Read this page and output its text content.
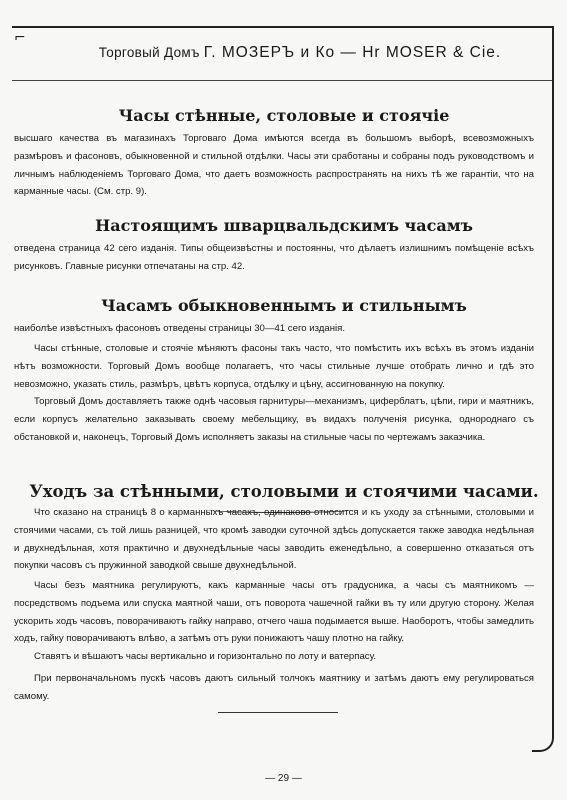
⌐
Торговый Домъ Г. МОЗЕРЪ и Ко — Нr MOSER & Cie.
Часы стѣнные, столовые и стоячіе

высшаго качества въ магазинахъ Торговаго Дома имѣются всегда въ большомъ выборѣ, всевозможныхъ размѣровъ и фасоновъ, обыкновенной и стильной отдѣлки. Часы эти сработаны и собраны подъ руководствомъ и личнымъ наблюденіемъ Торговаго Дома, что даетъ возможность распространять на нихъ тѣ же гарантіи, что на карманные часы. (См. стр. 9).

Настоящимъ шварцвальдскимъ часамъ

отведена страница 42 сего изданія. Типы общеизвѣстны и постоянны, что дѣлаетъ излишнимъ помѣщеніе всѣхъ рисунковъ. Главные рисунки отпечатаны на стр. 42.

Часамъ обыкновеннымъ и стильнымъ

наиболѣе извѣстныхъ фасоновъ отведены страницы 30—41 сего изданія.

Часы стѣнные, столовые и стоячіе мѣняютъ фасоны такъ часто, что помѣстить ихъ всѣхъ въ этомъ изданіи нѣтъ возможности. Торговый Домъ вообще полагаетъ, что часы стильные лучше отобрать лично и гдѣ это невозможно, указать стиль, размѣръ, цвѣтъ корпуса, отдѣлку и цѣну, ассигнованную на покупку.

Торговый Домъ доставляетъ также однѣ часовыя гарнитуры—механизмъ, циферблатъ, цѣпи, гири и маятникъ, если корпусъ желательно заказывать своему мебельщику, въ видахъ полученія рисунка, однороднаго съ обстановкой и, наконецъ, Торговый Домъ исполняетъ заказы на стильные часы по чертежамъ заказчика.

Уходъ за стѣнными, столовыми и стоячими часами.

Что сказано на страницѣ 8 о карманныхъ часахъ, одинаково относится и къ уходу за стѣнными, столовыми и стоячими часами, съ той лишь разницей, что кромѣ заводки суточной здѣсь допускается также заводка недѣльная и двухнедѣльная, хотя практично и двухнедѣльные часы заводить еженедѣльно, а совершенно отказаться отъ покупки часовъ съ пружинной заводкой свыше двухнедѣльной.

Часы безъ маятника регулируютъ, какъ карманные часы отъ градусника, а часы съ маятникомъ — посредствомъ подъема или спуска маятной чаши, отъ поворота чашечной гайки въ ту или другую сторону. Желая ускорить ходъ часовъ, поворачиваютъ гайку направо, отчего чаша подымается выше. Наоборотъ, чтобы замедлить ходъ, гайку поворачиваютъ влѣво, а затѣмъ отъ руки понижаютъ чашу плотно на гайку.

Ставятъ и вѣшаютъ часы вертикально и горизонтально по лоту и ватерпасу.

При первоначальномъ пускѣ часовъ даютъ сильный толчокъ маятнику и затѣмъ даютъ ему регулироваться самому.

— 29 —
